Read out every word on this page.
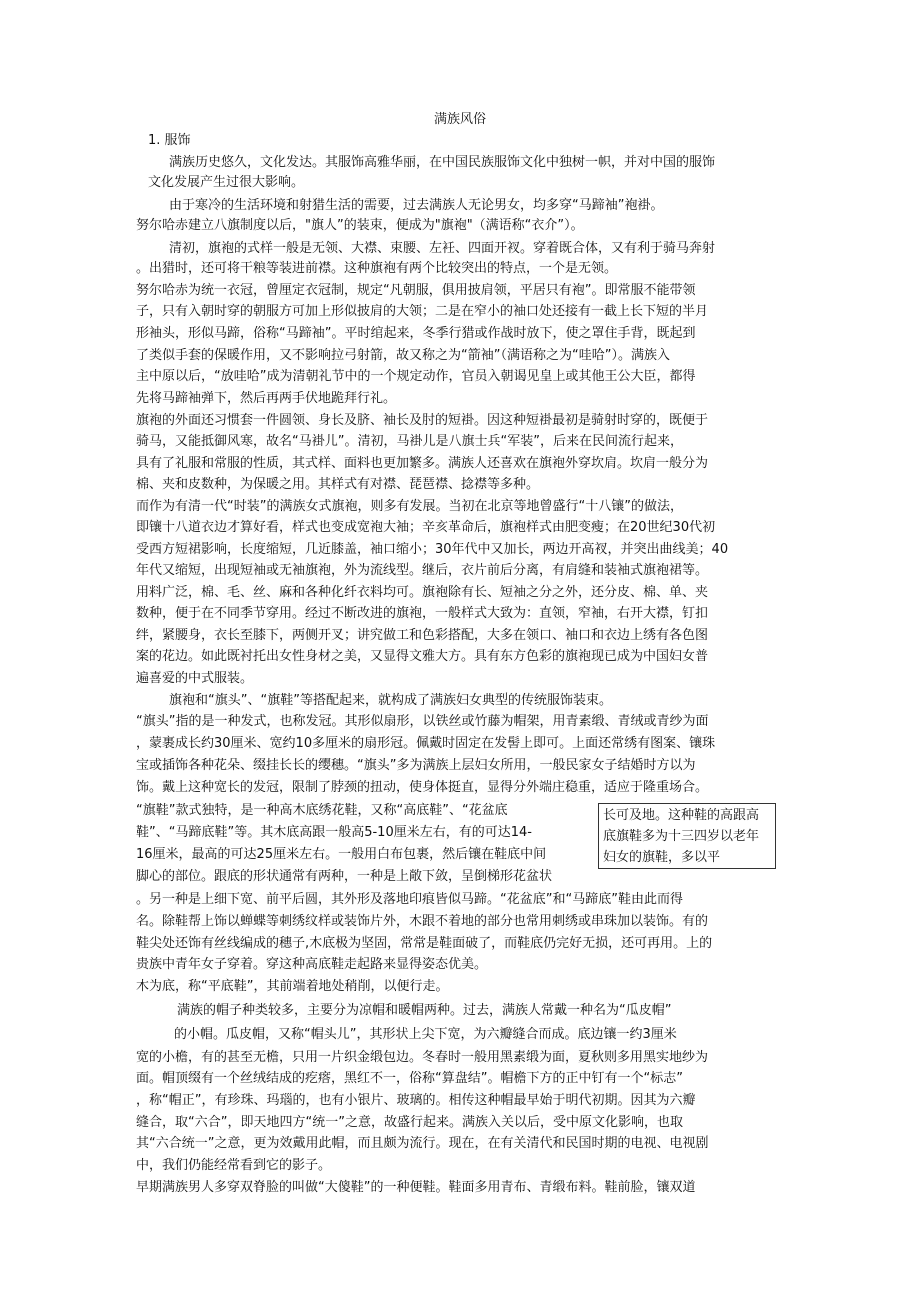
满族风俗
1. 服饰
满族历史悠久，文化发达。其服饰高雅华丽，在中国民族服饰文化中独树一帜，并对中国的服饰
文化发展产生过很大影响。
由于寒冷的生活环境和射猎生活的需要，过去满族人无论男女，均多穿“马蹄袖”袍褂。
努尔哈赤建立八旗制度以后，"旗人”的装束，便成为"旗袍"（满语称“衣介”）。
清初，旗袍的式样一般是无领、大襟、束腰、左衽、四面开衩。穿着既合体，又有利于骑马奔射
。出猎时，还可将干粮等装进前襟。这种旗袍有两个比较突出的特点，一个是无领。
努尔哈赤为统一衣冠，曾厘定衣冠制，规定“凡朝服，俱用披肩领，平居只有袍”。即常服不能带领
子，只有入朝时穿的朝服方可加上形似披肩的大领；二是在窄小的袖口处还接有一截上长下短的半月
形袖头，形似马蹄，俗称“马蹄袖”。平时绾起来，冬季行猎或作战时放下，使之罩住手背，既起到
了类似手套的保暖作用，又不影响拉弓射箭，故又称之为“箭袖”（满语称之为“哇哈”）。满族入
主中原以后，“放哇哈”成为清朝礼节中的一个规定动作，官员入朝谒见皇上或其他王公大臣，都得
先将马蹄袖弹下，然后再两手伏地跪拜行礼。
旗袍的外面还习惯套一件圆领、身长及脐、袖长及肘的短褂。因这种短褂最初是骑射时穿的，既便于
骑马，又能抵御风寒，故名“马褂儿”。清初，马褂儿是八旗士兵“军装”，后来在民间流行起来，
具有了礼服和常服的性质，其式样、面料也更加繁多。满族人还喜欢在旗袍外穿坎肩。坎肩一般分为
棉、夹和皮数种，为保暖之用。其样式有对襟、琵琶襟、捻襟等多种。
而作为有清一代“时装”的满族女式旗袍，则多有发展。当初在北京等地曾盛行“十八镶”的做法，
即镶十八道衣边才算好看，样式也变成宽袍大袖；辛亥革命后，旗袍样式由肥变瘦；在20世纪30代初
受西方短裙影响，长度缩短，几近膝盖，袖口缩小；30年代中又加长，两边开高衩，并突出曲线美；40
年代又缩短，出现短袖或无袖旗袍，外为流线型。继后，衣片前后分离，有肩缝和装袖式旗袍裙等。
用料广泛，棉、毛、丝、麻和各种化纤衣料均可。旗袍除有长、短袖之分之外，还分皮、棉、单、夹
数种，便于在不同季节穿用。经过不断改进的旗袍，一般样式大致为：直领，窄袖，右开大襟，钉扣
绊，紧腰身，衣长至膝下，两侧开叉；讲究做工和色彩搭配，大多在领口、袖口和衣边上绣有各色图
案的花边。如此既衬托出女性身材之美，又显得文雅大方。具有东方色彩的旗袍现已成为中国妇女普
遍喜爱的中式服装。
旗袍和“旗头”、“旗鞋”等搭配起来，就构成了满族妇女典型的传统服饰装束。
“旗头”指的是一种发式，也称发冠。其形似扇形，以铁丝或竹藤为帽架，用青素缎、青绒或青纱为面
，蒙裹成长约30厘米、宽约10多厘米的扇形冠。佩戴时固定在发髻上即可。上面还常绣有图案、镶珠
宝或插饰各种花朵、缀挂长长的缨穗。“旗头”多为满族上层妇女所用，一般民家女子结婚时方以为
饰。戴上这种宽长的发冠，限制了脖颈的扭动，使身体挺直，显得分外端庄稳重，适应于隆重场合。
“旗鞋”款式独特，是一种高木底绣花鞋，又称“高底鞋”、“花盆底
鞋”、“马蹄底鞋”等。其木底高跟一般高5-10厘米左右，有的可达14-
16厘米，最高的可达25厘米左右。一般用白布包裹，然后镶在鞋底中间
脚心的部位。跟底的形状通常有两种，一种是上敞下敛，呈倒梯形花盆状
。另一种是上细下宽、前平后圆，其外形及落地印痕皆似马蹄。“花盆底”和“马蹄底”鞋由此而得
名。除鞋帮上饰以蝉蝶等刺绣纹样或装饰片外，木跟不着地的部分也常用刺绣或串珠加以装饰。有的
鞋尖处还饰有丝线编成的穗子,木底极为坚固，常常是鞋面破了，而鞋底仍完好无损，还可再用。上的
贵族中青年女子穿着。穿这种高底鞋走起路来显得姿态优美。
木为底，称“平底鞋”，其前端着地处稍削，以便行走。
满族的帽子种类较多，主要分为凉帽和暖帽两种。过去，满族人常戴一种名为“瓜皮帽”
的小帽。瓜皮帽，又称“帽头儿”，其形状上尖下宽，为六瓣缝合而成。底边镶一约3厘米
宽的小檐，有的甚至无檐，只用一片织金缎包边。冬春时一般用黑素缎为面，夏秋则多用黑实地纱为
面。帽顶缀有一个丝绒结成的疙瘩，黑红不一，俗称“算盘结”。帽檐下方的正中钉有一个“标志”
，称“帽正”，有珍珠、玛瑙的，也有小银片、玻璃的。相传这种帽最早始于明代初期。因其为六瓣
缝合，取“六合”，即天地四方“统一”之意，故盛行起来。满族入关以后，受中原文化影响，也取
其“六合统一”之意，更为效戴用此帽，而且颇为流行。现在，在有关清代和民国时期的电视、电视剧
中，我们仍能经常看到它的影子。
早期满族男人多穿双脊脸的叫做“大傻鞋”的一种便鞋。鞋面多用青布、青缎布料。鞋前脸，镶双道
长可及地。这种鞋的高跟高
底旗鞋多为十三四岁以老年
妇女的旗鞋，多以平
